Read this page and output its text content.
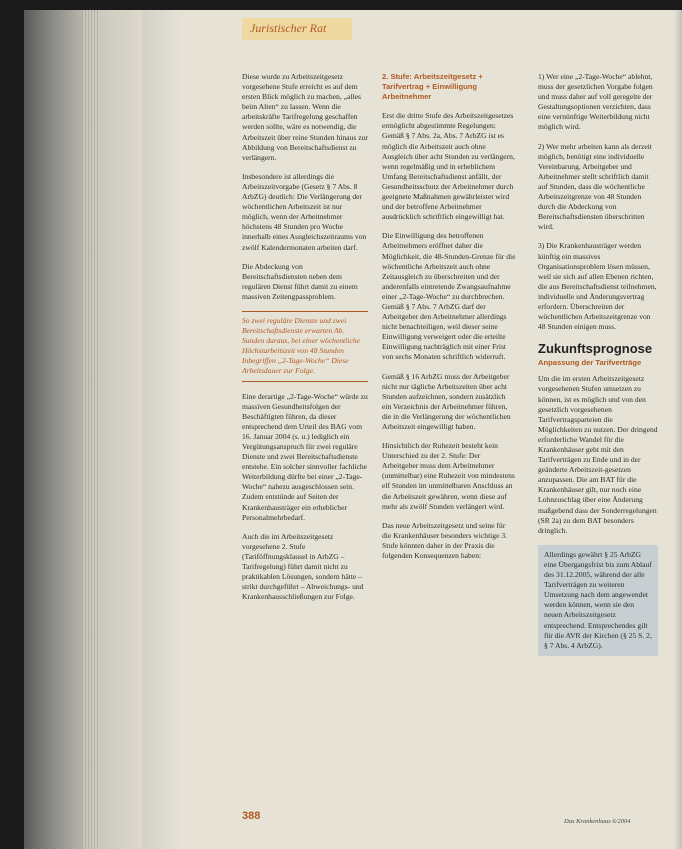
Juristischer Rat

Diese wurde zu Arbeitszeitgesetz vorgesehene Stufe erreicht es auf dem ersten Blick möglich zu machen, „alles beim Alten“ zu lassen. Wenn die arbeitskräfte Tarifregelung geschaffen werden sollte, wäre es notwendig, die Arbeitszeit über reine Stunden hinaus zur Abbildung von Bereitschaftsdienst zu verlängern.

Insbesondere ist allerdings die Arbeitszeitvorgabe (Gesetz § 7 Abs. 8 ArbZG) deutlich: Die Verlängerung der wöchentlichen Arbeitszeit ist nur möglich, wenn der Arbeitnehmer höchstens 48 Stunden pro Woche innerhalb eines Ausgleichszeitraums von zwölf Kalendermonaten arbeiten darf.

Die Abdeckung von Bereitschaftsdiensten neben dem regulären Dienst führt damit zu einem massiven Zeitengpassproblem.

So zwei reguläre Dienste und zwei Bereitschaftsdienste erwarten Ab. Sunden daraus, bei einer wöchentliche Höchstarbeitszeit von 48 Stunden Inbegriffen „2-Tage-Woche“ Diese Arbeitsdauer zur Folge.

Eine derartige „2-Tage-Woche“ würde zu massiven Gesundheitsfolgen der Beschäftigten führen, da dieser entsprechend dem Urteil des BAG vom 16. Januar 2004 (s. u.) lediglich ein Vergütungsanspruch für zwei reguläre Dienste und zwei Bereitschaftsdienste entstehe. Ein solcher sinnvoller fachliche Weiterbildung dürfte bei einer „2-Tage-Woche“ nahezu ausgeschlossen sein. Zudem entstünde auf Seiten der Krankenhausträger ein erheblicher Personalmehrbedarf.

Auch die im Arbeitszeitgesetz vorgesehene 2. Stufe (Tariföffnungsklausel in ArbZG – Tarifregelung) führt damit nicht zu praktikablen Lösungen, sondern hätte – strikt durchgeführt – Abweichungs- und Krankenhausschließungen zur Folge.

2. Stufe: Arbeitszeitgesetz + Tarifvertrag + Einwilligung Arbeitnehmer

Erst die dritte Stufe des Arbeitszeitgesetzes ermöglicht abgestimmte Regelungen: Gemäß § 7 Abs. 2a, Abs. 7 ArbZG ist es möglich die Arbeitszeit auch ohne Ausgleich über acht Stunden zu verlängern, wenn regelmäßig und in erheblichem Umfang Bereitschaftsdienst anfällt, der Gesundheitsschutz der Arbeitnehmer durch geeignete Maßnahmen gewährleistet wird und der betroffene Arbeitnehmer ausdrücklich schriftlich eingewilligt hat.

Die Einwilligung des betroffenen Arbeitnehmers eröffnet daher die Möglichkeit, die 48-Stunden-Grenze für die wöchentliche Arbeitszeit auch ohne Zeitausgleich zu überschreiten und der anderenfalls eintretende Zwangsaufnahme einer „2-Tage-Woche“ zu durchbrechen. Gemäß § 7 Abs. 7 ArbZG darf der Arbeitgeber den Arbeitnehmer allerdings nicht benachteiligen, weil dieser seine Einwilligung verweigert oder die erteilte Einwilligung nachträglich mit einer Frist von sechs Monaten schriftlich widerruft.

Gemäß § 16 ArbZG muss der Arbeitgeber nicht nur tägliche Arbeitszeiten über acht Stunden aufzeichnen, sondern zusätzlich ein Verzeichnis der Arbeitnehmer führen, die in die Verlängerung der wöchentlichen Arbeitszeit eingewilligt haben.

Hinsichtlich der Ruhezeit besteht kein Unterschied zu der 2. Stufe: Der Arbeitgeber muss dem Arbeitnehmer (unmittelbar) eine Ruhezeit von mindestens elf Stunden im unmittelbaren Anschluss an die Arbeitszeit gewähren, wenn diese auf mehr als zwölf Stunden verlängert wird.

Das neue Arbeitszeitgesetz und seine für die Krankenhäuser besonders wichtige 3. Stufe könnten daher in der Praxis die folgenden Konsequenzen haben:

1) Wer eine „2-Tage-Woche“ ablehnt, muss der gesetzlichen Vorgabe folgen und muss daher auf voll geregelte der Gestaltungsoptionen verzichten, dass eine vernünftige Weiterbildung nicht möglich wird.

2) Wer mehr arbeiten kann als derzeit möglich, benötigt eine individuelle Vereinbarung. Arbeitgeber und Arbeitnehmer stellt schriftlich damit auf Stunden, dass die wöchentliche Arbeitszeitgrenze von 48 Stunden durch die Abdeckung von Bereitschaftsdiensten überschritten wird.

3) Die Krankenhausträger werden künftig ein massives Organisationsproblem lösen müssen, weil sie sich auf allen Ebenen richten, die aus Bereitschaftsdienst teilnehmen, individuelle und Änderungsvertrag erfordern. Überschreiten der wöchentlichen Arbeitszeitgrenze von 48 Stunden einigen muss.

Zukunftsprognose
Anpassung der Tarifverträge

Um die im ersten Arbeitszeitgesetz vorgesehenen Stufen umsetzen zu können, ist es möglich und von den gesetzlich vorgesehenen Tarifvertragsparteien die Möglichkeiten zu nutzen. Der dringend erforderliche Wandel für die Krankenhäuser geht mit den Tarifverträgen zu Ende und in der geänderte Arbeitszeit-gesetzen anzupassen. Die am BAT für die Krankenhäuser gilt, nur noch eine Lohnzuschlag über eine Änderung maßgebend dass der Sonderregelungen (SR 2a) zu dem BAT besonders dringlich.

Allerdings gewährt § 25 ArbZG eine Übergangsfrist bis zum Ablauf des 31.12.2005, während der alle Tarifverträgen zu weiteren Umsetzung nach dem angewendet werden können, wenn sie den neuen Arbeitszeitgesetz entsprechend. Entsprechendes gilt für die AVR der Kirchen (§ 25 S. 2, § 7 Abs. 4 ArbZG).
388	Das Krankenhaus 6/2004
